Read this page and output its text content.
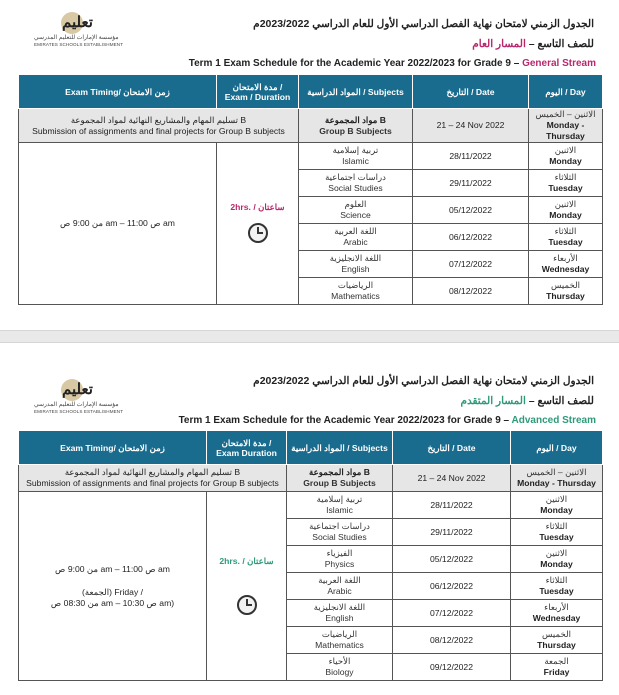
تعليم
مؤسسة الإمارات للتعليم المدرسي
EMIRATES SCHOOLS ESTABLISHMENT
الجدول الزمني لامتحان نهاية الفصل الدراسي الأول للعام الدراسي 2023/2022م
للصف التاسع – المسار العام
Term 1 Exam Schedule for the Academic Year 2022/2023 for Grade 9 – General Stream
Exam Timing/ زمن الامتحان	مدة الامتحان /
Exam / Duration	المواد الدراسية / Subjects	التاريخ / Date	اليوم / Day

تسليم المهام والمشاريع النهائية لمواد المجموعة B
Submission of assignments and final projects for Group B subjects		مواد المجموعة B
Group B Subjects	21 – 24 Nov 2022	الاثنين – الخميس
Monday - Thursday

من 9:00 ص am – 11:00 ص am	2hrs. / ساعتان	تربية إسلامية
Islamic	28/11/2022	الاثنين
Monday

		دراسات اجتماعية
Social Studies	29/11/2022	الثلاثاء
Tuesday

		العلوم
Science	05/12/2022	الاثنين
Monday

		اللغة العربية
Arabic	06/12/2022	الثلاثاء
Tuesday

		اللغة الانجليزية
English	07/12/2022	الأربعاء
Wednesday

		الرياضيات
Mathematics	08/12/2022	الخميس
Thursday
تعليم
مؤسسة الإمارات للتعليم المدرسي
EMIRATES SCHOOLS ESTABLISHMENT
الجدول الزمني لامتحان نهاية الفصل الدراسي الأول للعام الدراسي 2023/2022م
للصف التاسع – المسار المتقدم
Term 1 Exam Schedule for the Academic Year 2022/2023 for Grade 9 – Advanced Stream
Exam Timing/ زمن الامتحان	مدة الامتحان /
Exam Duration	المواد الدراسية / Subjects	التاريخ / Date	اليوم / Day

تسليم المهام والمشاريع النهائية لمواد المجموعة B
Submission of assignments and final projects for Group B subjects		مواد المجموعة B
Group B Subjects	21 – 24 Nov 2022	الاثنين – الخميس
Monday - Thursday

من 9:00 ص am – 11:00 ص am
(الجمعة) Friday /
من 08:30 ص am – 10:30 ص am)	2hrs. / ساعتان	تربية إسلامية
Islamic	28/11/2022	الاثنين
Monday

		دراسات اجتماعية
Social Studies	29/11/2022	الثلاثاء
Tuesday

		الفيزياء
Physics	05/12/2022	الاثنين
Monday

		اللغة العربية
Arabic	06/12/2022	الثلاثاء
Tuesday

		اللغة الانجليزية
English	07/12/2022	الأربعاء
Wednesday

		الرياضيات
Mathematics	08/12/2022	الخميس
Thursday

		الأحياء
Biology	09/12/2022	الجمعة
Friday
